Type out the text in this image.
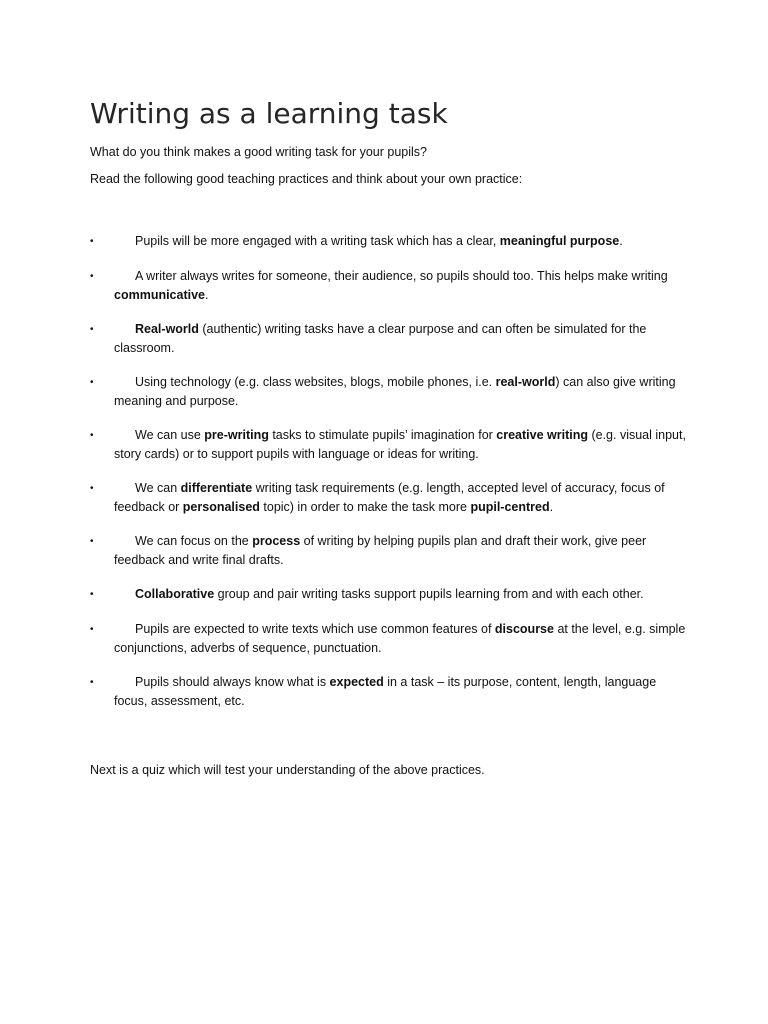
Writing as a learning task

What do you think makes a good writing task for your pupils?

Read the following good teaching practices and think about your own practice:

•	Pupils will be more engaged with a writing task which has a clear, meaningful purpose.
•	A writer always writes for someone, their audience, so pupils should too. This helps make writing communicative.
•	Real-world (authentic) writing tasks have a clear purpose and can often be simulated for the classroom.
•	Using technology (e.g. class websites, blogs, mobile phones, i.e. real-world) can also give writing meaning and purpose.
•	We can use pre-writing tasks to stimulate pupils’ imagination for creative writing (e.g. visual input, story cards) or to support pupils with language or ideas for writing.
•	We can differentiate writing task requirements (e.g. length, accepted level of accuracy, focus of feedback or personalised topic) in order to make the task more pupil-centred.
•	We can focus on the process of writing by helping pupils plan and draft their work, give peer feedback and write final drafts.
•	Collaborative group and pair writing tasks support pupils learning from and with each other.
•	Pupils are expected to write texts which use common features of discourse at the level, e.g. simple conjunctions, adverbs of sequence, punctuation.
•	Pupils should always know what is expected in a task – its purpose, content, length, language focus, assessment, etc.

Next is a quiz which will test your understanding of the above practices.
